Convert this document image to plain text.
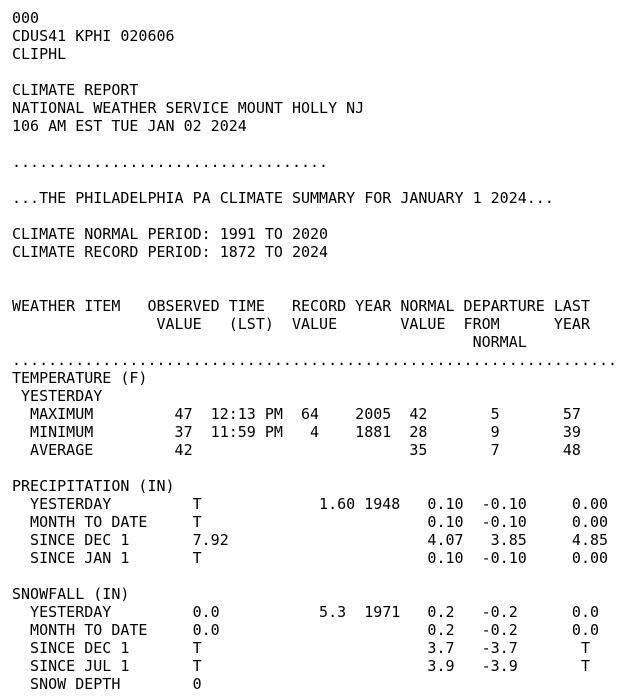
000
CDUS41 KPHI 020606
CLIPHL
CLIMATE REPORT
NATIONAL WEATHER SERVICE MOUNT HOLLY NJ
106 AM EST TUE JAN 02 2024
...................................
...THE PHILADELPHIA PA CLIMATE SUMMARY FOR JANUARY 1 2024...
CLIMATE NORMAL PERIOD: 1991 TO 2020
CLIMATE RECORD PERIOD: 1872 TO 2024
WEATHER ITEM   OBSERVED TIME   RECORD YEAR NORMAL DEPARTURE LAST
VALUE   (LST)  VALUE       VALUE  FROM      YEAR
NORMAL
...................................................................
TEMPERATURE (F)
YESTERDAY
MAXIMUM         47  12:13 PM  64    2005  42       5       57
MINIMUM         37  11:59 PM   4    1881  28       9       39
AVERAGE         42                        35       7       48
PRECIPITATION (IN)
YESTERDAY         T             1.60 1948   0.10  -0.10     0.00
MONTH TO DATE     T                         0.10  -0.10     0.00
SINCE DEC 1       7.92                      4.07   3.85     4.85
SINCE JAN 1       T                         0.10  -0.10     0.00
SNOWFALL (IN)
YESTERDAY         0.0           5.3  1971   0.2   -0.2      0.0
MONTH TO DATE     0.0                       0.2   -0.2      0.0
SINCE DEC 1       T                         3.7   -3.7       T
SINCE JUL 1       T                         3.9   -3.9       T
SNOW DEPTH        0
